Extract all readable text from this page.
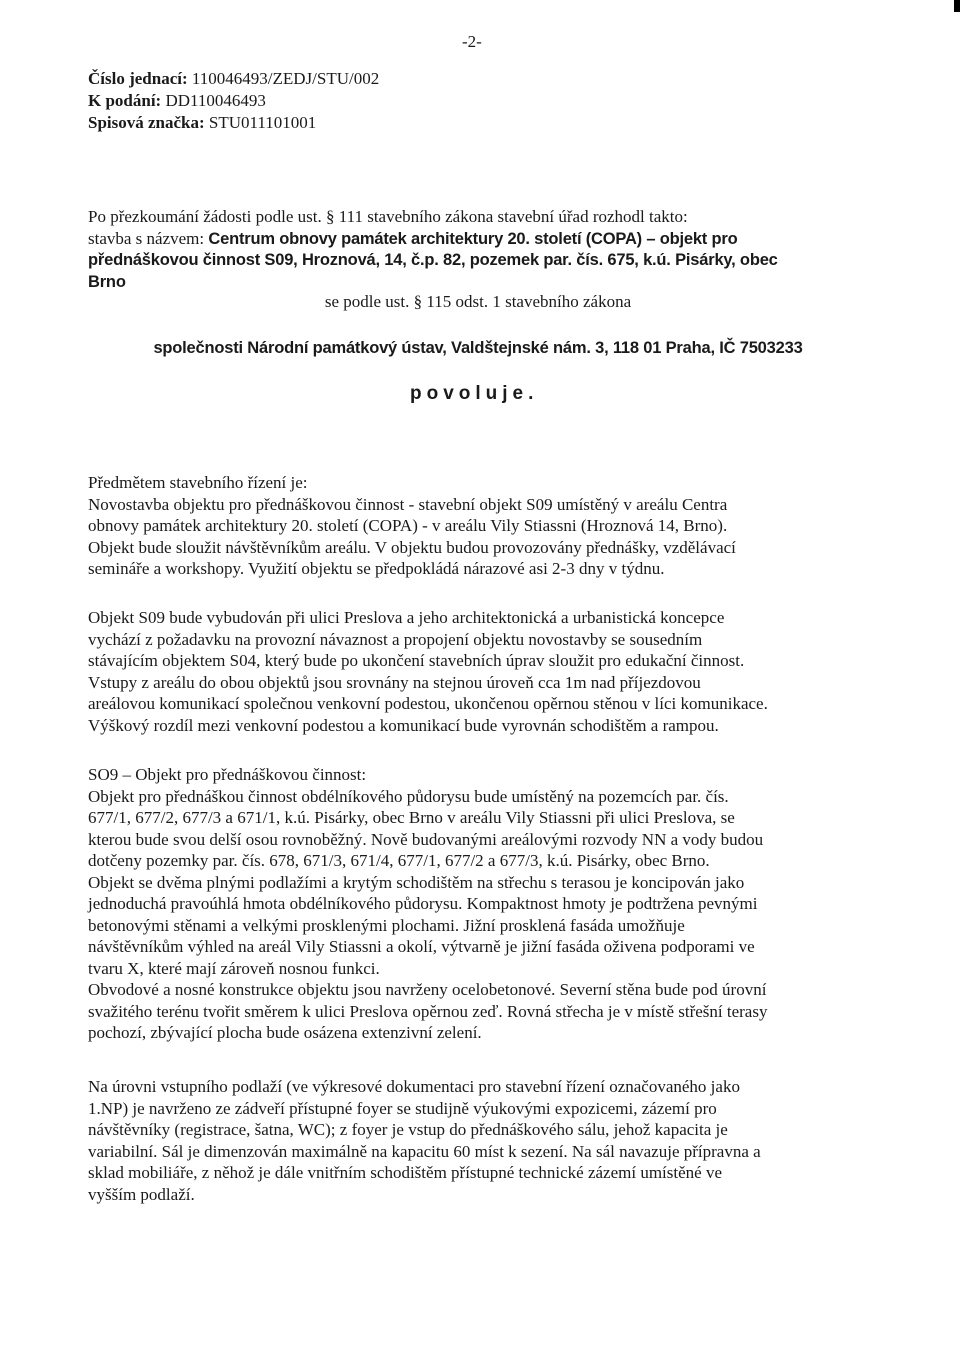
-2-
Číslo jednací: 110046493/ZEDJ/STU/002
K podání: DD110046493
Spisová značka: STU011101001
Po přezkoumání žádosti podle ust. § 111 stavebního zákona stavební úřad rozhodl takto:
stavba s názvem: Centrum obnovy památek architektury 20. století (COPA) – objekt pro
přednáškovou činnost S09, Hroznová, 14, č.p. 82, pozemek par. čís. 675, k.ú. Pisárky, obec
Brno
se podle ust. § 115 odst. 1 stavebního zákona
společnosti Národní památkový ústav, Valdštejnské nám. 3, 118 01 Praha, IČ 7503233
povoluje.
Předmětem stavebního řízení je:
Novostavba objektu pro přednáškovou činnost - stavební objekt S09 umístěný v areálu Centra
obnovy památek architektury 20. století (COPA) - v areálu Vily Stiassni (Hroznová 14, Brno).
Objekt bude sloužit návštěvníkům areálu. V objektu budou provozovány přednášky, vzdělávací
semináře a workshopy. Využití objektu se předpokládá nárazové asi 2-3 dny v týdnu.
Objekt S09 bude vybudován při ulici Preslova a jeho architektonická a urbanistická koncepce
vychází z požadavku na provozní návaznost a propojení objektu novostavby se sousedním
stávajícím objektem S04, který bude po ukončení stavebních úprav sloužit pro edukační činnost.
Vstupy z areálu do obou objektů jsou srovnány na stejnou úroveň cca 1m nad příjezdovou
areálovou komunikací společnou venkovní podestou, ukončenou opěrnou stěnou v líci komunikace.
Výškový rozdíl mezi venkovní podestou a komunikací bude vyrovnán schodištěm a rampou.
SO9 – Objekt pro přednáškovou činnost:
Objekt pro přednáškou činnost obdélníkového půdorysu bude umístěný na pozemcích par. čís.
677/1, 677/2, 677/3 a 671/1, k.ú. Pisárky, obec Brno v areálu Vily Stiassni při ulici Preslova, se
kterou bude svou delší osou rovnoběžný. Nově budovanými areálovými rozvody NN a vody budou
dotčeny pozemky par. čís. 678, 671/3, 671/4, 677/1, 677/2 a 677/3, k.ú. Pisárky, obec Brno.
Objekt se dvěma plnými podlažími a krytým schodištěm na střechu s terasou je koncipován jako
jednoduchá pravoúhlá hmota obdélníkového půdorysu. Kompaktnost hmoty je podtržena pevnými
betonovými stěnami a velkými prosklenými plochami. Jižní prosklená fasáda umožňuje
návštěvníkům výhled na areál Vily Stiassni a okolí, výtvarně je jižní fasáda oživena podporami ve
tvaru X, které mají zároveň nosnou funkci.
Obvodové a nosné konstrukce objektu jsou navrženy ocelobetonové. Severní stěna bude pod úrovní
svažitého terénu tvořit směrem k ulici Preslova opěrnou zeď. Rovná střecha je v místě střešní terasy
pochozí, zbývající plocha bude osázena extenzivní zelení.
Na úrovni vstupního podlaží (ve výkresové dokumentaci pro stavební řízení označovaného jako
1.NP) je navrženo ze zádveří přístupné foyer se studijně výukovými expozicemi, zázemí pro
návštěvníky (registrace, šatna, WC); z foyer je vstup do přednáškového sálu, jehož kapacita je
variabilní. Sál je dimenzován maximálně na kapacitu 60 míst k sezení. Na sál navazuje přípravna a
sklad mobiliáře, z něhož je dále vnitřním schodištěm přístupné technické zázemí umístěné ve
vyšším podlaží.
